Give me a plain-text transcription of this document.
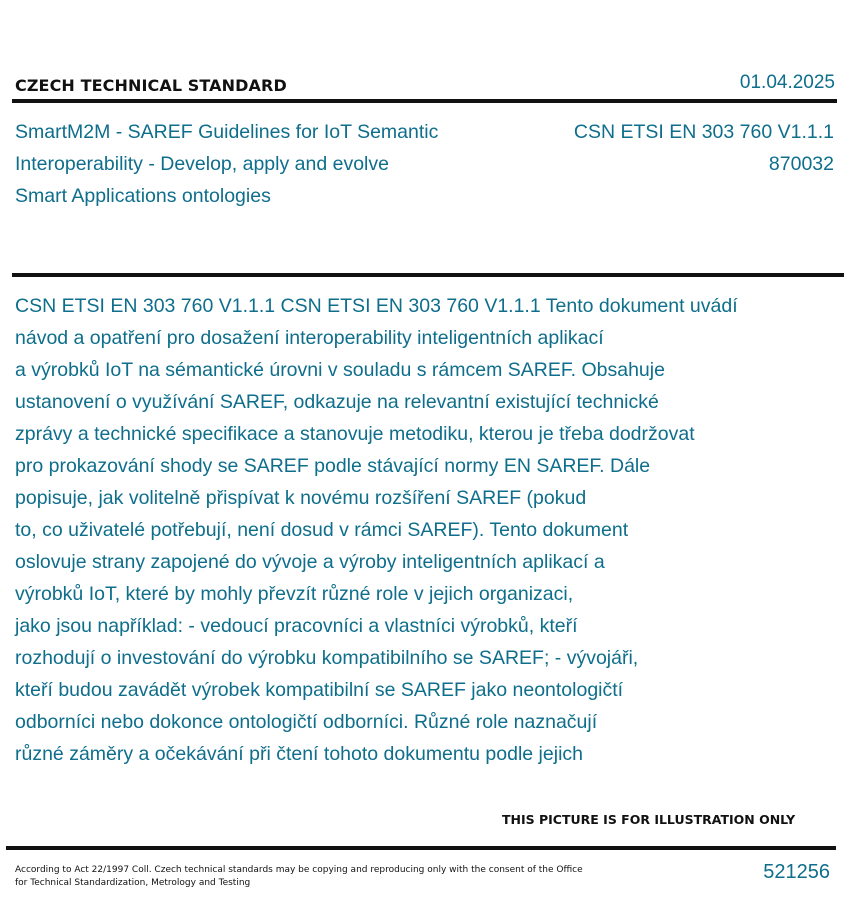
CZECH TECHNICAL STANDARD	01.04.2025
SmartM2M - SAREF Guidelines for IoT Semantic
Interoperability - Develop, apply and evolve
Smart Applications ontologies
CSN ETSI EN 303 760 V1.1.1
870032
CSN ETSI EN 303 760 V1.1.1 CSN ETSI EN 303 760 V1.1.1 Tento dokument uvádí
návod a opatření pro dosažení interoperability inteligentních aplikací
a výrobků IoT na sémantické úrovni v souladu s rámcem SAREF. Obsahuje
ustanovení o využívání SAREF, odkazuje na relevantní existující technické
zprávy a technické specifikace a stanovuje metodiku, kterou je třeba dodržovat
pro prokazování shody se SAREF podle stávající normy EN SAREF. Dále
popisuje, jak volitelně přispívat k novému rozšíření SAREF (pokud
to, co uživatelé potřebují, není dosud v rámci SAREF). Tento dokument
oslovuje strany zapojené do vývoje a výroby inteligentních aplikací a
výrobků IoT, které by mohly převzít různé role v jejich organizaci,
jako jsou například: - vedoucí pracovníci a vlastníci výrobků, kteří
rozhodují o investování do výrobku kompatibilního se SAREF; - vývojáři,
kteří budou zavádět výrobek kompatibilní se SAREF jako neontologičtí
odborníci nebo dokonce ontologičtí odborníci. Různé role naznačují
různé záměry a očekávání při čtení tohoto dokumentu podle jejich
THIS PICTURE IS FOR ILLUSTRATION ONLY
According to Act 22/1997 Coll. Czech technical standards may be copying and reproducing only with the consent of the Office
for Technical Standardization, Metrology and Testing	521256
